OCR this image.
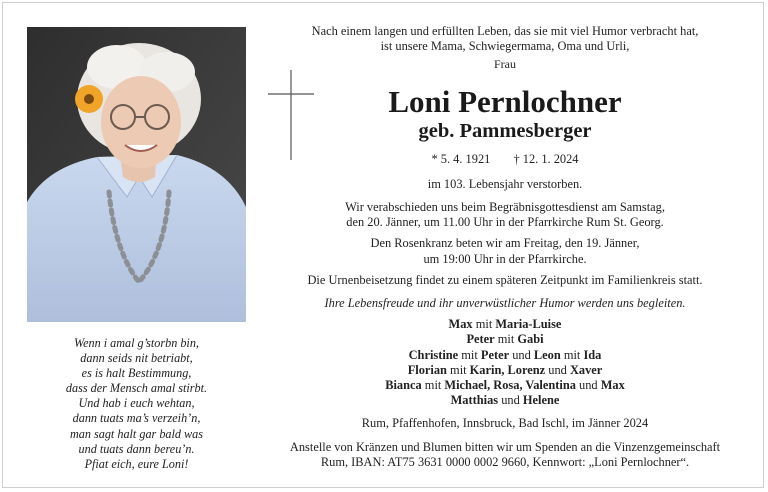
Wenn i amal g’storbn bin,
dann seids nit betriabt,
es is halt Bestimmung,
dass der Mensch amal stirbt.
Und hab i euch wehtan,
dann tuats ma’s verzeih’n,
man sagt halt gar bald was
und tuats dann bereu’n.
Pfiat eich, eure Loni!
Nach einem langen und erfüllten Leben, das sie mit viel Humor verbracht hat,
ist unsere Mama, Schwiegermama, Oma und Urli,
Frau
Loni Pernlochner
geb. Pammesberger
* 5. 4. 1921 † 12. 1. 2024
im 103. Lebensjahr verstorben.
Wir verabschieden uns beim Begräbnisgottesdienst am Samstag,
den 20. Jänner, um 11.00 Uhr in der Pfarrkirche Rum St. Georg.
Den Rosenkranz beten wir am Freitag, den 19. Jänner,
um 19:00 Uhr in der Pfarrkirche.
Die Urnenbeisetzung findet zu einem späteren Zeitpunkt im Familienkreis statt.
Ihre Lebensfreude und ihr unverwüstlicher Humor werden uns begleiten.
Max mit Maria-Luise
Peter mit Gabi
Christine mit Peter und Leon mit Ida
Florian mit Karin, Lorenz und Xaver
Bianca mit Michael, Rosa, Valentina und Max
Matthias und Helene
Rum, Pfaffenhofen, Innsbruck, Bad Ischl, im Jänner 2024
Anstelle von Kränzen und Blumen bitten wir um Spenden an die Vinzenzgemeinschaft
Rum, IBAN: AT75 3631 0000 0002 9660, Kennwort: „Loni Pernlochner“.
